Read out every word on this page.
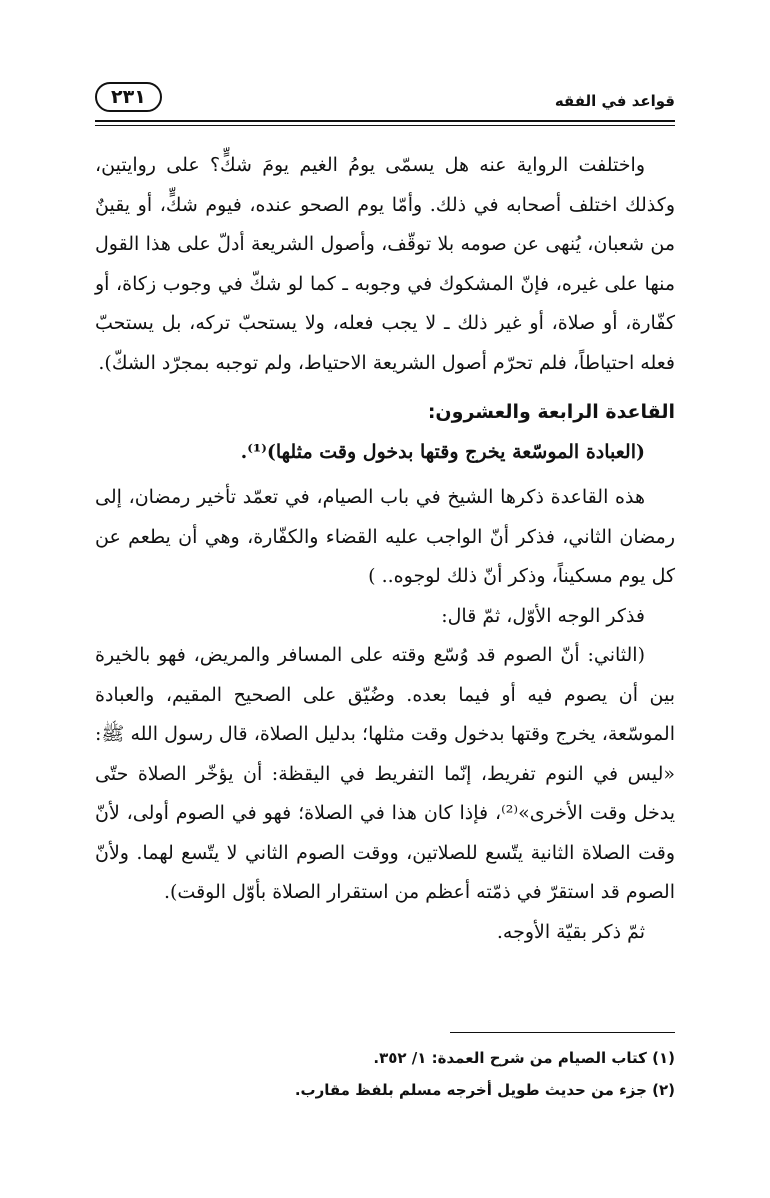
قواعد في الفقه
٢٣١

واختلفت الرواية عنه هل يسمّى يومُ الغيم يومَ شكٍّ؟ على روايتين، وكذلك اختلف أصحابه في ذلك. وأمّا يوم الصحو عنده، فيوم شكٍّ، أو يقينٌ من شعبان، يُنهى عن صومه بلا توقّف، وأصول الشريعة أدلّ على هذا القول منها على غيره، فإنّ المشكوك في وجوبه ـ كما لو شكّ في وجوب زكاة، أو كفّارة، أو صلاة، أو غير ذلك ـ لا يجب فعله، ولا يستحبّ تركه، بل يستحبّ فعله احتياطاً، فلم تحرّم أصول الشريعة الاحتياط، ولم توجبه بمجرّد الشكّ).

القاعدة الرابعة والعشرون:

(العبادة الموسّعة يخرج وقتها بدخول وقت مثلها)⁽¹⁾.

هذه القاعدة ذكرها الشيخ في باب الصيام، في تعمّد تأخير رمضان، إلى رمضان الثاني، فذكر أنّ الواجب عليه القضاء والكفّارة، وهي أن يطعم عن كل يوم مسكيناً، وذكر أنّ ذلك لوجوه.. )

فذكر الوجه الأوّل، ثمّ قال:

(الثاني: أنّ الصوم قد وُسّع وقته على المسافر والمريض، فهو بالخيرة بين أن يصوم فيه أو فيما بعده. وضُيّق على الصحيح المقيم، والعبادة الموسّعة، يخرج وقتها بدخول وقت مثلها؛ بدليل الصلاة، قال رسول الله ﷺ: «ليس في النوم تفريط، إنّما التفريط في اليقظة: أن يؤخّر الصلاة حتّى يدخل وقت الأخرى»⁽²⁾، فإذا كان هذا في الصلاة؛ فهو في الصوم أولى، لأنّ وقت الصلاة الثانية يتّسع للصلاتين، ووقت الصوم الثاني لا يتّسع لهما. ولأنّ الصوم قد استقرّ في ذمّته أعظم من استقرار الصلاة بأوّل الوقت).

ثمّ ذكر بقيّة الأوجه.

(١) كتاب الصيام من شرح العمدة: ١/ ٣٥٢.
(٢) جزء من حديث طويل أخرجه مسلم بلفظ مقارب.
